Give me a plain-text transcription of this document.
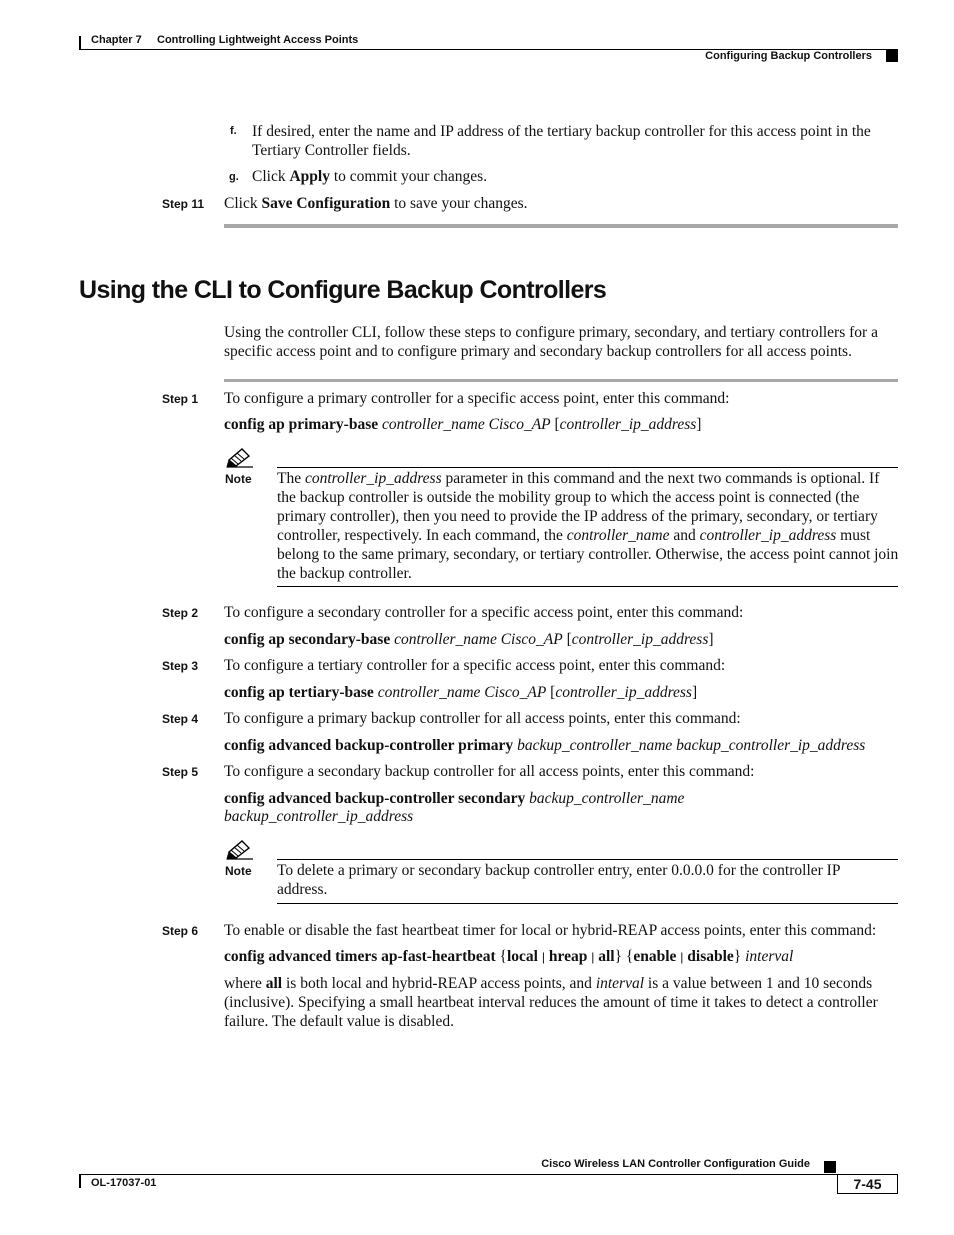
Chapter 7 Controlling Lightweight Access Points
Configuring Backup Controllers
f. If desired, enter the name and IP address of the tertiary backup controller for this access point in the Tertiary Controller fields.
g. Click Apply to commit your changes.
Step 11 Click Save Configuration to save your changes.
Using the CLI to Configure Backup Controllers
Using the controller CLI, follow these steps to configure primary, secondary, and tertiary controllers for a specific access point and to configure primary and secondary backup controllers for all access points.
Step 1 To configure a primary controller for a specific access point, enter this command:
config ap primary-base controller_name Cisco_AP [controller_ip_address]
Note The controller_ip_address parameter in this command and the next two commands is optional. If the backup controller is outside the mobility group to which the access point is connected (the primary controller), then you need to provide the IP address of the primary, secondary, or tertiary controller, respectively. In each command, the controller_name and controller_ip_address must belong to the same primary, secondary, or tertiary controller. Otherwise, the access point cannot join the backup controller.
Step 2 To configure a secondary controller for a specific access point, enter this command:
config ap secondary-base controller_name Cisco_AP [controller_ip_address]
Step 3 To configure a tertiary controller for a specific access point, enter this command:
config ap tertiary-base controller_name Cisco_AP [controller_ip_address]
Step 4 To configure a primary backup controller for all access points, enter this command:
config advanced backup-controller primary backup_controller_name backup_controller_ip_address
Step 5 To configure a secondary backup controller for all access points, enter this command:
config advanced backup-controller secondary backup_controller_name
backup_controller_ip_address
Note To delete a primary or secondary backup controller entry, enter 0.0.0.0 for the controller IP address.
Step 6 To enable or disable the fast heartbeat timer for local or hybrid-REAP access points, enter this command:
config advanced timers ap-fast-heartbeat {local | hreap | all} {enable | disable} interval
where all is both local and hybrid-REAP access points, and interval is a value between 1 and 10 seconds (inclusive). Specifying a small heartbeat interval reduces the amount of time it takes to detect a controller failure. The default value is disabled.
Cisco Wireless LAN Controller Configuration Guide
OL-17037-01	7-45
